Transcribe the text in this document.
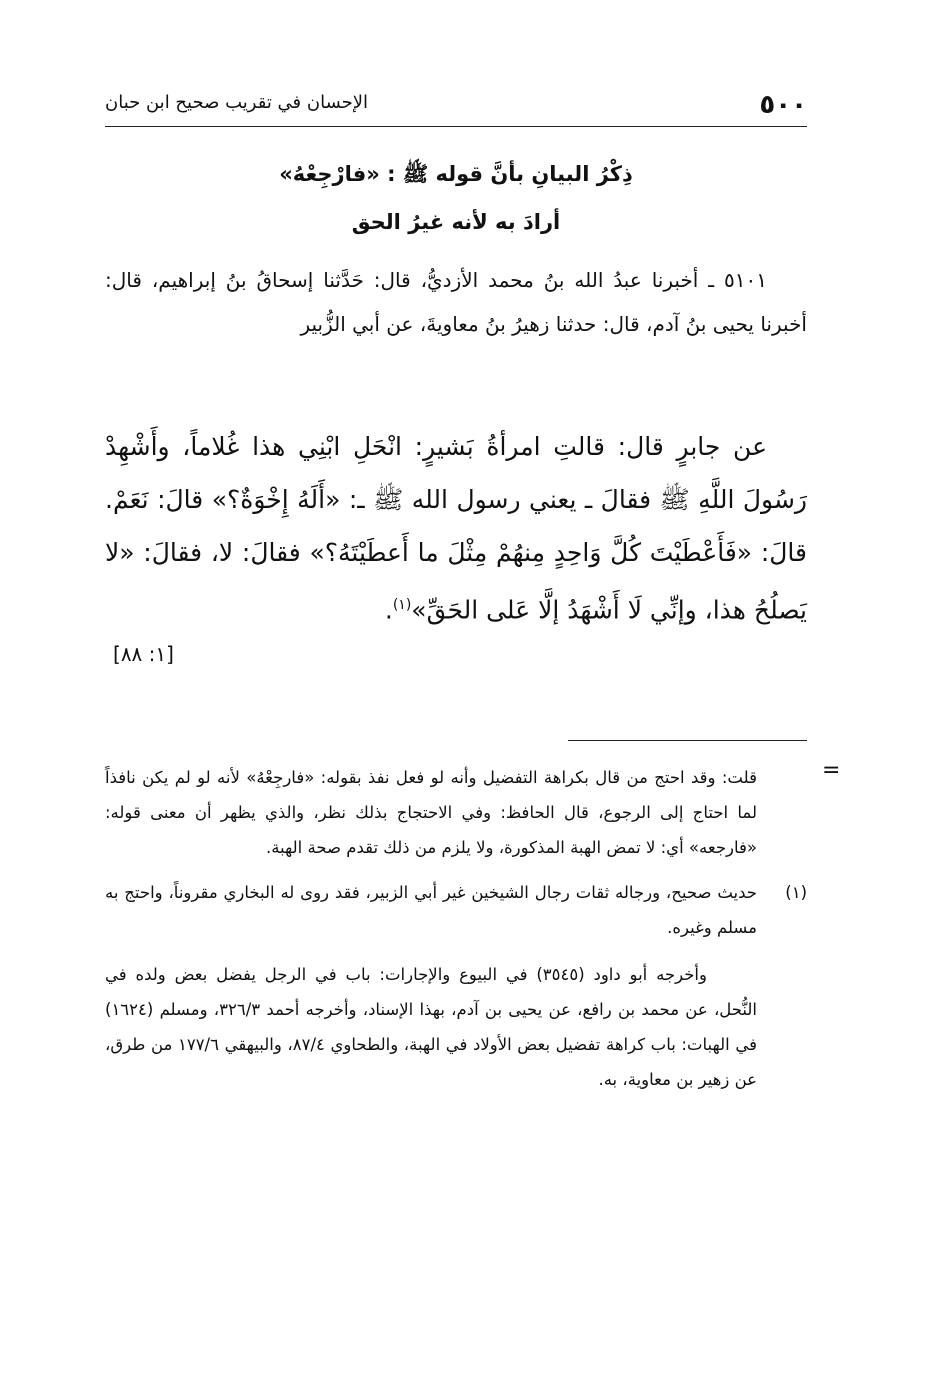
٥٠٠
الإحسان في تقريب صحيح ابن حبان
ذِكْرُ البيانِ بأنَّ قوله ﷺ : «فارْجِعْهُ»
أرادَ به لأنه غيرُ الحق

٥١٠١ ـ أخبرنا عبدُ الله بنُ محمد الأزديُّ، قال: حَدَّثنا إسحاقُ بنُ إبراهيم، قال: أخبرنا يحيى بنُ آدم، قال: حدثنا زهيرُ بنُ معاويةَ، عن أبي الزُّبير

عن جابرٍ قال: قالتِ امرأةُ بَشيرٍ: انْحَلِ ابْنِي هذا غُلاماً، وأَشْهِدْ رَسُولَ اللَّهِ ﷺ فقالَ ـ يعني رسول الله ﷺ ـ: «أَلَهُ إِخْوَةٌ؟» قالَ: نَعَمْ. قالَ: «فَأَعْطَيْتَ كُلَّ وَاحِدٍ مِنهُمْ مِثْلَ ما أَعطَيْتَهُ؟» فقالَ: لا، فقالَ: «لا يَصلُحُ هذا، وإنِّي لَا أَشْهَدُ إلَّا عَلى الحَقِّ»$^{(١)}$.

[١: ٨٨]
=

قلت: وقد احتج من قال بكراهة التفضيل وأنه لو فعل نفذ بقوله: «فارجِعْهُ» لأنه لو لم يكن نافذاً لما احتاج إلى الرجوع، قال الحافظ: وفي الاحتجاج بذلك نظر، والذي يظهر أن معنى قوله: «فارجعه» أي: لا تمض الهبة المذكورة، ولا يلزم من ذلك تقدم صحة الهبة.

(١)
حديث صحيح، ورجاله ثقات رجال الشيخين غير أبي الزبير، فقد روى له البخاري مقروناً، واحتج به مسلم وغيره.

وأخرجه أبو داود (٣٥٤٥) في البيوع والإجارات: باب في الرجل يفضل بعض ولده في النُّحل، عن محمد بن رافع، عن يحيى بن آدم، بهذا الإسناد، وأخرجه أحمد ٣٢٦/٣، ومسلم (١٦٢٤) في الهبات: باب كراهة تفضيل بعض الأولاد في الهبة، والطحاوي ٨٧/٤، والبيهقي ١٧٧/٦ من طرق، عن زهير بن معاوية، به.
